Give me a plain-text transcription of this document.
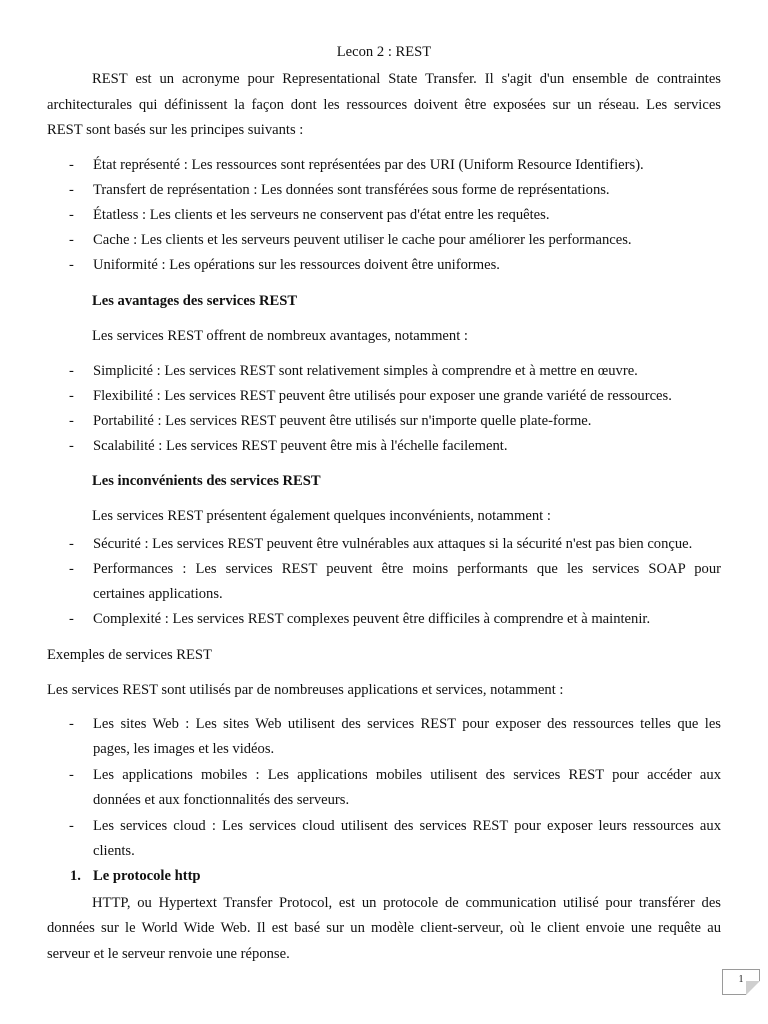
Lecon 2 : REST
REST est un acronyme pour Representational State Transfer. Il s'agit d'un ensemble de contraintes
architecturales qui définissent la façon dont les ressources doivent être exposées sur un réseau. Les services
REST sont basés sur les principes suivants :
- État représenté : Les ressources sont représentées par des URI (Uniform Resource Identifiers).
- Transfert de représentation : Les données sont transférées sous forme de représentations.
- Étatless : Les clients et les serveurs ne conservent pas d'état entre les requêtes.
- Cache : Les clients et les serveurs peuvent utiliser le cache pour améliorer les performances.
- Uniformité : Les opérations sur les ressources doivent être uniformes.
Les avantages des services REST
Les services REST offrent de nombreux avantages, notamment :
- Simplicité : Les services REST sont relativement simples à comprendre et à mettre en œuvre.
- Flexibilité : Les services REST peuvent être utilisés pour exposer une grande variété de ressources.
- Portabilité : Les services REST peuvent être utilisés sur n'importe quelle plate-forme.
- Scalabilité : Les services REST peuvent être mis à l'échelle facilement.
Les inconvénients des services REST
Les services REST présentent également quelques inconvénients, notamment :
- Sécurité : Les services REST peuvent être vulnérables aux attaques si la sécurité n'est pas bien conçue.
- Performances : Les services REST peuvent être moins performants que les services SOAP pour
certaines applications.
- Complexité : Les services REST complexes peuvent être difficiles à comprendre et à maintenir.
Exemples de services REST
Les services REST sont utilisés par de nombreuses applications et services, notamment :
- Les sites Web : Les sites Web utilisent des services REST pour exposer des ressources telles que les
pages, les images et les vidéos.
- Les applications mobiles : Les applications mobiles utilisent des services REST pour accéder aux
données et aux fonctionnalités des serveurs.
- Les services cloud : Les services cloud utilisent des services REST pour exposer leurs ressources aux
clients.
1. Le protocole http
HTTP, ou Hypertext Transfer Protocol, est un protocole de communication utilisé pour transférer des
données sur le World Wide Web. Il est basé sur un modèle client-serveur, où le client envoie une requête au
serveur et le serveur renvoie une réponse.
1
